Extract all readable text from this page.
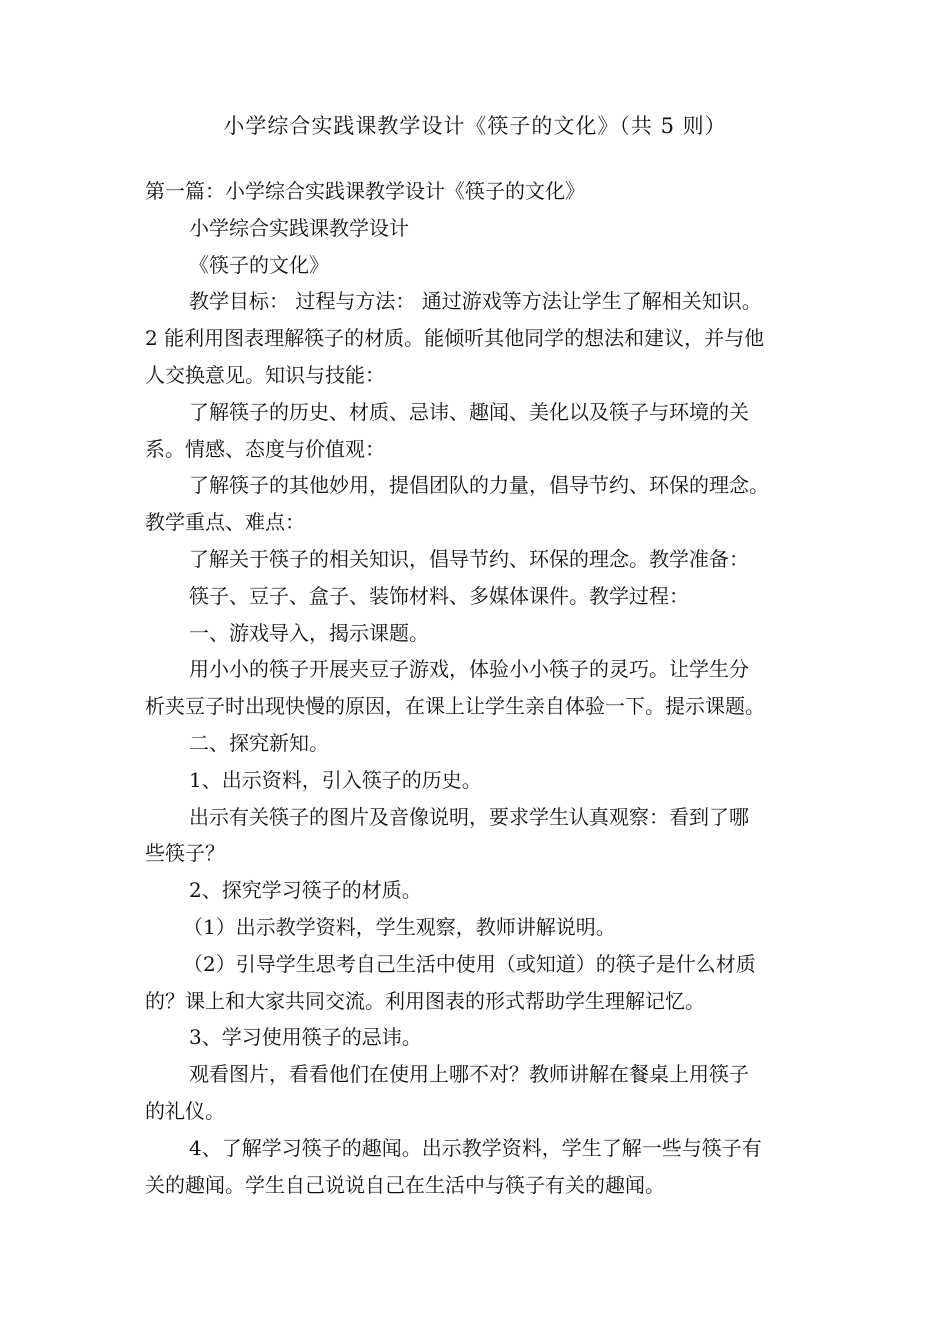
小学综合实践课教学设计《筷子的文化》（共 5 则）

第一篇：小学综合实践课教学设计《筷子的文化》

小学综合实践课教学设计

《筷子的文化》

教学目标： 过程与方法： 通过游戏等方法让学生了解相关知识。

2 能利用图表理解筷子的材质。能倾听其他同学的想法和建议，并与他

人交换意见。知识与技能：

了解筷子的历史、材质、忌讳、趣闻、美化以及筷子与环境的关

系。情感、态度与价值观：

了解筷子的其他妙用，提倡团队的力量，倡导节约、环保的理念。

教学重点、难点：

了解关于筷子的相关知识，倡导节约、环保的理念。教学准备：

筷子、豆子、盒子、装饰材料、多媒体课件。教学过程：

一、游戏导入，揭示课题。

用小小的筷子开展夹豆子游戏，体验小小筷子的灵巧。让学生分

析夹豆子时出现快慢的原因，在课上让学生亲自体验一下。提示课题。

二、探究新知。

1、出示资料，引入筷子的历史。

出示有关筷子的图片及音像说明，要求学生认真观察：看到了哪

些筷子？

2、探究学习筷子的材质。

（1）出示教学资料，学生观察，教师讲解说明。

（2）引导学生思考自己生活中使用（或知道）的筷子是什么材质

的？课上和大家共同交流。利用图表的形式帮助学生理解记忆。

3、学习使用筷子的忌讳。

观看图片，看看他们在使用上哪不对？教师讲解在餐桌上用筷子

的礼仪。

4、了解学习筷子的趣闻。出示教学资料，学生了解一些与筷子有

关的趣闻。学生自己说说自己在生活中与筷子有关的趣闻。
